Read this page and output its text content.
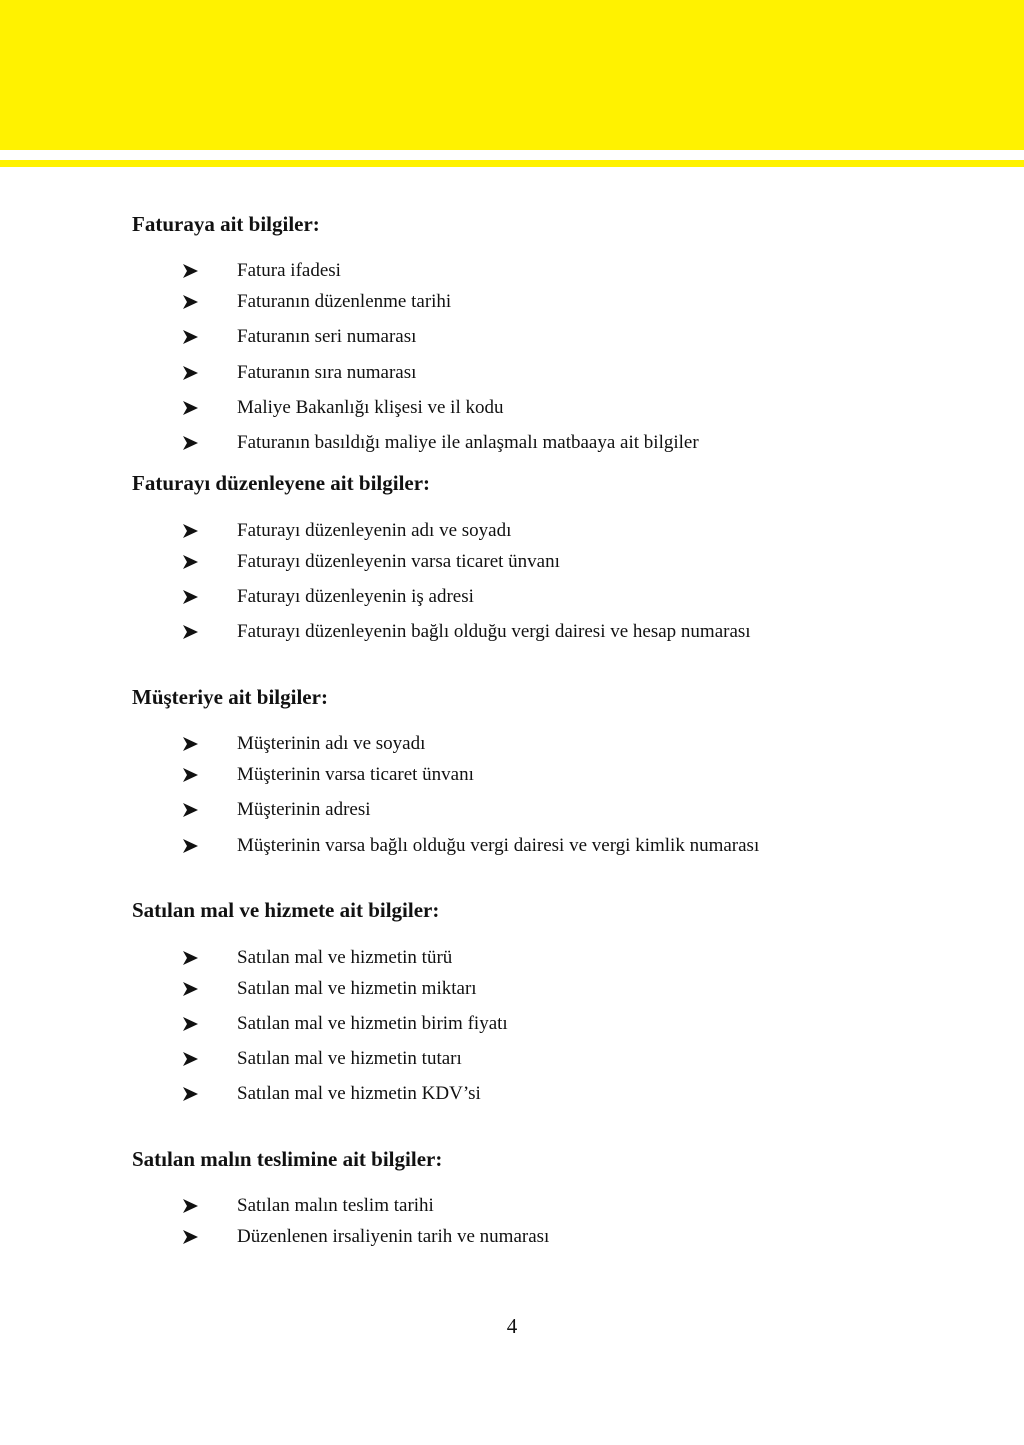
Faturaya ait bilgiler:
Fatura ifadesi
Faturanın düzenlenme tarihi
Faturanın seri numarası
Faturanın sıra numarası
Maliye Bakanlığı klişesi ve il kodu
Faturanın basıldığı maliye ile anlaşmalı matbaaya ait bilgiler
Faturayı düzenleyene ait bilgiler:
Faturayı düzenleyenin adı ve soyadı
Faturayı düzenleyenin varsa ticaret ünvanı
Faturayı düzenleyenin iş adresi
Faturayı düzenleyenin bağlı olduğu vergi dairesi ve hesap numarası
Müşteriye ait bilgiler:
Müşterinin adı ve soyadı
Müşterinin varsa ticaret ünvanı
Müşterinin adresi
Müşterinin varsa bağlı olduğu vergi dairesi ve vergi kimlik numarası
Satılan mal ve hizmete ait bilgiler:
Satılan mal ve hizmetin türü
Satılan mal ve hizmetin miktarı
Satılan mal ve hizmetin birim fiyatı
Satılan mal ve hizmetin tutarı
Satılan mal ve hizmetin KDV’si
Satılan malın teslimine ait bilgiler:
Satılan malın teslim tarihi
Düzenlenen irsaliyenin tarih ve numarası
4
